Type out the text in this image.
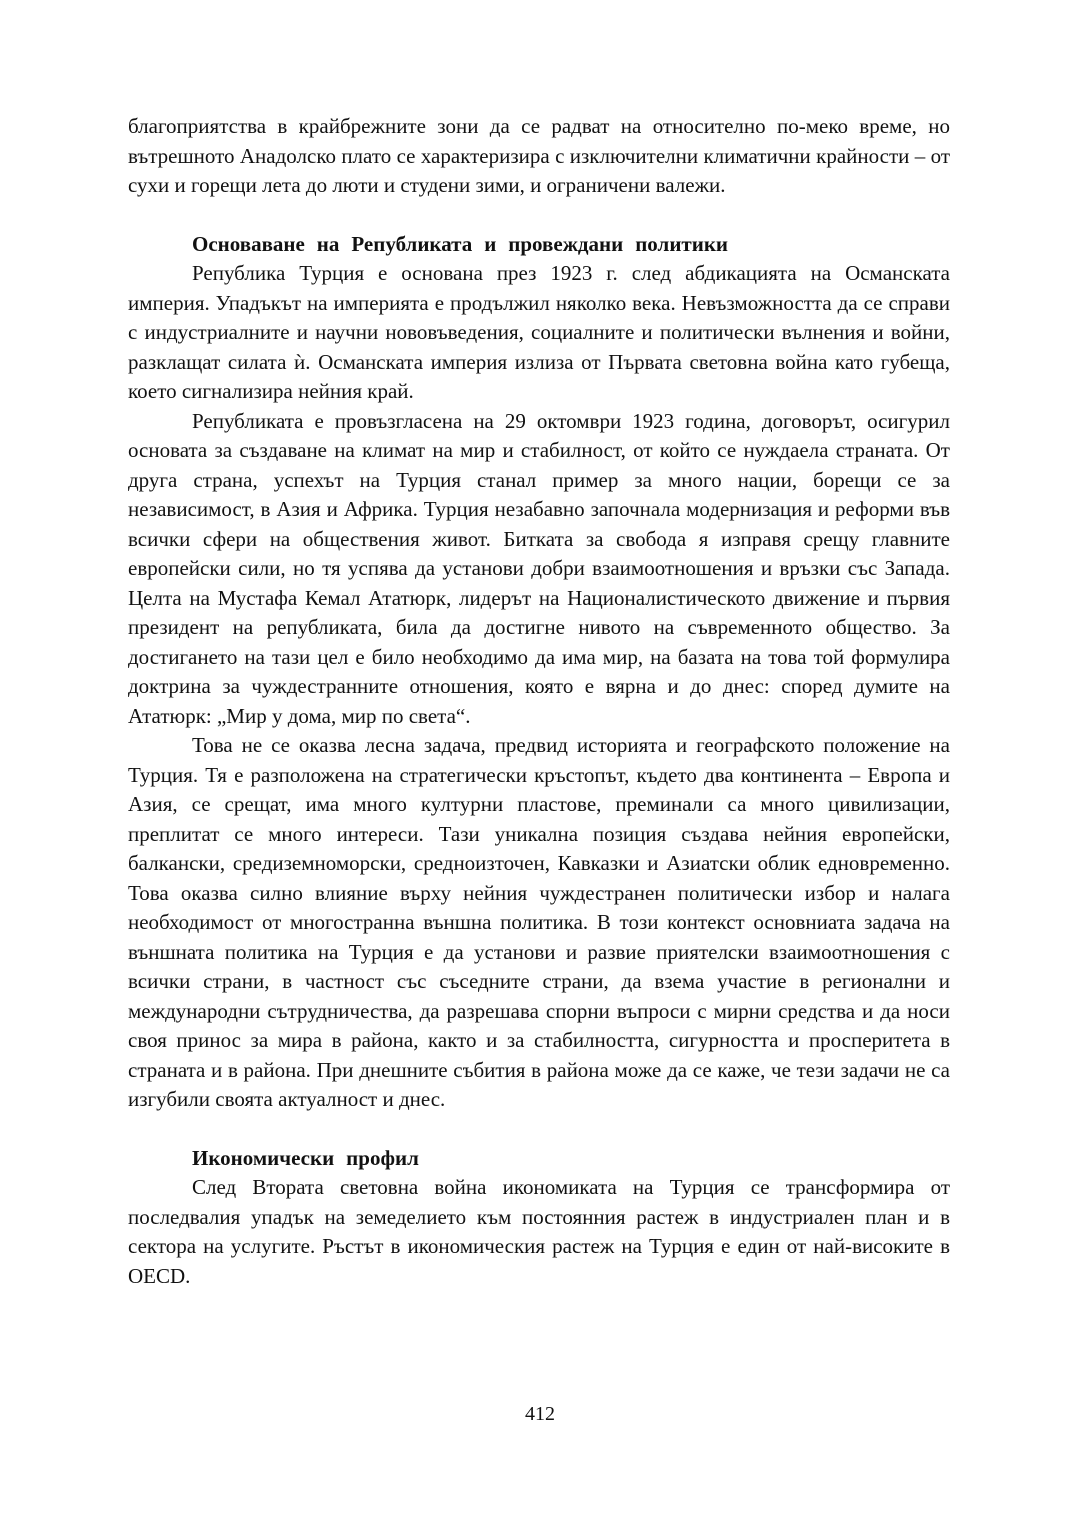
благоприятства в крайбрежните зони да се радват на относително по-меко време, но вътрешното Анадолско плато се характеризира с изключителни климатични крайности – от сухи и горещи лета до люти и студени зими, и ограничени валежи.

Основаване на Републиката и провеждани политики

Република Турция е основана през 1923 г. след абдикацията на Османската империя. Упадъкът на империята е продължил няколко века. Невъзможността да се справи с индустриалните и научни нововъведения, социалните и политически вълнения и войни, разклащат силата ѝ. Османската империя излиза от Първата световна война като губеща, което сигнализира нейния край.

Републиката е провъзгласена на 29 октомври 1923 година, договорът, осигурил основата за създаване на климат на мир и стабилност, от който се нуждаела страната. От друга страна, успехът на Турция станал пример за много нации, борещи се за независимост, в Азия и Африка. Турция незабавно започнала модернизация и реформи във всички сфери на обществения живот. Битката за свобода я изправя срещу главните европейски сили, но тя успява да установи добри взаимоотношения и връзки със Запада. Целта на Мустафа Кемал Ататюрк, лидерът на Националистическото движение и първия президент на републиката, била да достигне нивото на съвременното общество. За достигането на тази цел е било необходимо да има мир, на базата на това той формулира доктрина за чуждестранните отношения, която е вярна и до днес: според думите на Ататюрк: „Мир у дома, мир по света“.

Това не се оказва лесна задача, предвид историята и географското положение на Турция. Тя е разположена на стратегически кръстопът, където два континента – Европа и Азия, се срещат, има много културни пластове, преминали са много цивилизации, преплитат се много интереси. Тази уникална позиция създава нейния европейски, балкански, средиземноморски, средноизточен, Кавказки и Азиатски облик едновременно. Това оказва силно влияние върху нейния чуждестранен политически избор и налага необходимост от многостранна външна политика. В този контекст основниата задача на външната политика на Турция е да установи и развие приятелски взаимоотношения с всички страни, в частност със съседните страни, да взема участие в регионални и международни сътрудничества, да разрешава спорни въпроси с мирни средства и да носи своя принос за мира в района, както и за стабилността, сигурността и просперитета в страната и в района. При днешните събития в района може да се каже, че тези задачи не са изгубили своята актуалност и днес.

Икономически профил

След Втората световна война икономиката на Турция се трансформира от последвалия упадък на земеделието към постоянния растеж в индустриален план и в сектора на услугите. Ръстът в икономическия растеж на Турция е един от най-високите в OECD.

412
